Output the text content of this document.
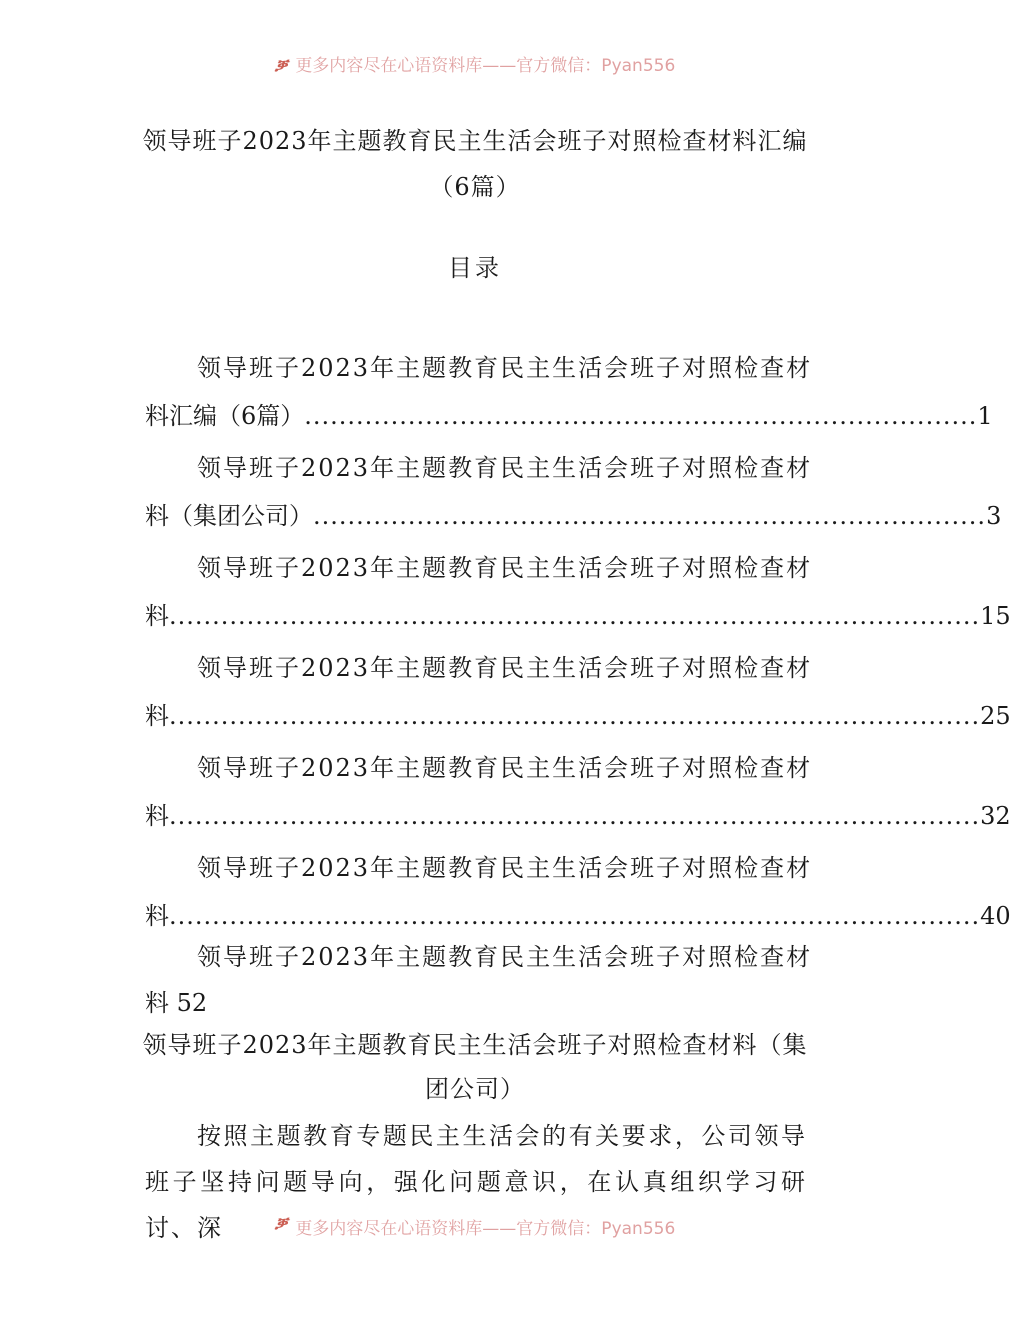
ቓ 更多内容尽在心语资料库——官方微信：Pyan556
领导班子2023年主题教育民主生活会班子对照检查材料汇编（6篇）
目录
领导班子2023年主题教育民主生活会班子对照检查材
料汇编（6篇） .............................................................................. 1
领导班子2023年主题教育民主生活会班子对照检查材
料（集团公司） .............................................................................. 3
领导班子2023年主题教育民主生活会班子对照检查材
料 .............................................................................................. 15
领导班子2023年主题教育民主生活会班子对照检查材
料 .............................................................................................. 25
领导班子2023年主题教育民主生活会班子对照检查材
料 .............................................................................................. 32
领导班子2023年主题教育民主生活会班子对照检查材
料 .............................................................................................. 40
领导班子2023年主题教育民主生活会班子对照检查材
料 52
领导班子2023年主题教育民主生活会班子对照检查材料（集团公司）
按照主题教育专题民主生活会的有关要求，公司领导班子坚持问题导向，强化问题意识，在认真组织学习研讨、深	ቓ 更多内容尽在心语资料库——官方微信：Pyan556
